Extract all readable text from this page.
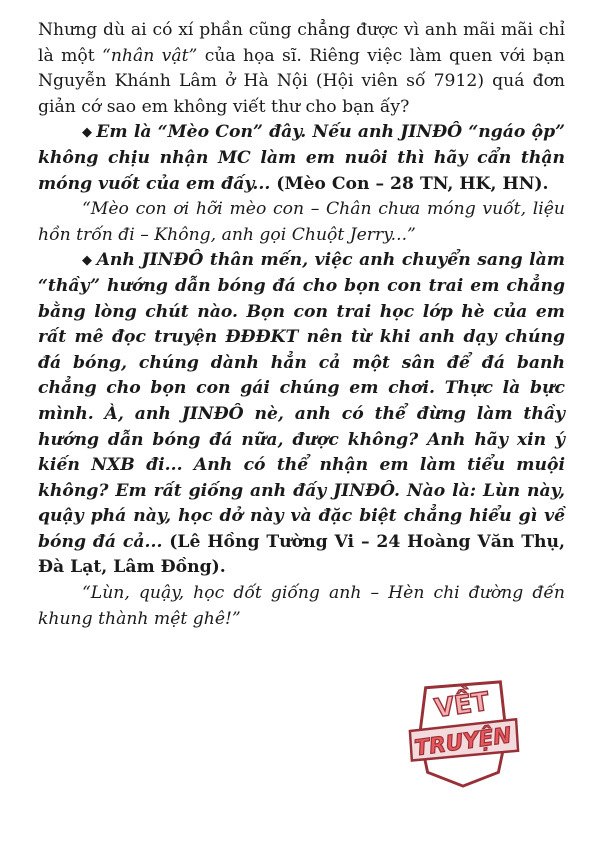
Nhưng dù ai có xí phần cũng chẳng được vì anh mãi mãi chỉ là một “nhân vật” của họa sĩ. Riêng việc làm quen với bạn Nguyễn Khánh Lâm ở Hà Nội (Hội viên số 7912) quá đơn giản cớ sao em không viết thư cho bạn ấy?

◆ Em là “Mèo Con” đây. Nếu anh JINĐÔ “ngáo ộp” không chịu nhận MC làm em nuôi thì hãy cẩn thận móng vuốt của em đấy... (Mèo Con – 28 TN, HK, HN).

“Mèo con ơi hỡi mèo con – Chân chưa móng vuốt, liệu hồn trốn đi – Không, anh gọi Chuột Jerry...”

◆ Anh JINĐÔ thân mến, việc anh chuyển sang làm “thầy” hướng dẫn bóng đá cho bọn con trai em chẳng bằng lòng chút nào. Bọn con trai học lớp hè của em rất mê đọc truyện ĐĐĐKT nên từ khi anh dạy chúng đá bóng, chúng dành hẳn cả một sân để đá banh chẳng cho bọn con gái chúng em chơi. Thực là bực mình. À, anh JINĐÔ nè, anh có thể đừng làm thầy hướng dẫn bóng đá nữa, được không? Anh hãy xin ý kiến NXB đi... Anh có thể nhận em làm tiểu muội không? Em rất giống anh đấy JINĐÔ. Nào là: Lùn này, quậy phá này, học dở này và đặc biệt chẳng hiểu gì về bóng đá cả... (Lê Hồng Tường Vi – 24 Hoàng Văn Thụ, Đà Lạt, Lâm Đồng).

“Lùn, quậy, học dốt giống anh – Hèn chi đường đến khung thành mệt ghê!”

VỀT
TRUYỆN
